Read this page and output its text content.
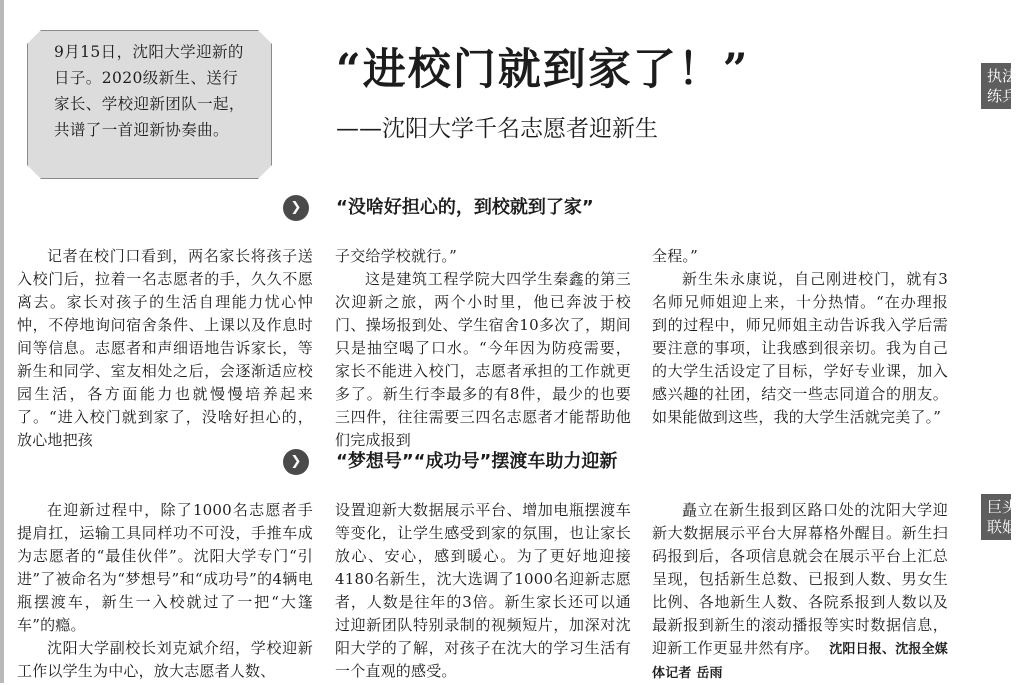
9月15日，沈阳大学迎新的日子。2020级新生、送行家长、学校迎新团队一起，共谱了一首迎新协奏曲。
“进校门就到家了！”
——沈阳大学千名志愿者迎新生
❯	“没啥好担心的，到校就到了家”

记者在校门口看到，两名家长将孩子送入校门后，拉着一名志愿者的手，久久不愿离去。家长对孩子的生活自理能力忧心忡忡，不停地询问宿舍条件、上课以及作息时间等信息。志愿者和声细语地告诉家长，等新生和同学、室友相处之后，会逐渐适应校园生活，各方面能力也就慢慢培养起来了。“进入校门就到家了，没啥好担心的，放心地把孩

子交给学校就行。”

这是建筑工程学院大四学生秦鑫的第三次迎新之旅，两个小时里，他已奔波于校门、操场报到处、学生宿舍10多次了，期间只是抽空喝了口水。“今年因为防疫需要，家长不能进入校门，志愿者承担的工作就更多了。新生行李最多的有8件，最少的也要三四件，往往需要三四名志愿者才能帮助他们完成报到

全程。”

新生朱永康说，自己刚进校门，就有3名师兄师姐迎上来，十分热情。“在办理报到的过程中，师兄师姐主动告诉我入学后需要注意的事项，让我感到很亲切。我为自己的大学生活设定了目标，学好专业课，加入感兴趣的社团，结交一些志同道合的朋友。如果能做到这些，我的大学生活就完美了。”

❯	“梦想号”“成功号”摆渡车助力迎新

在迎新过程中，除了1000名志愿者手提肩扛，运输工具同样功不可没，手推车成为志愿者的“最佳伙伴”。沈阳大学专门“引进”了被命名为“梦想号”和“成功号”的4辆电瓶摆渡车，新生一入校就过了一把“大篷车”的瘾。

沈阳大学副校长刘克斌介绍，学校迎新工作以学生为中心，放大志愿者人数、

设置迎新大数据展示平台、增加电瓶摆渡车等变化，让学生感受到家的氛围，也让家长放心、安心，感到暖心。为了更好地迎接4180名新生，沈大选调了1000名迎新志愿者，人数是往年的3倍。新生家长还可以通过迎新团队特别录制的视频短片，加深对沈阳大学的了解，对孩子在沈大的学习生活有一个直观的感受。

矗立在新生报到区路口处的沈阳大学迎新大数据展示平台大屏幕格外醒目。新生扫码报到后，各项信息就会在展示平台上汇总呈现，包括新生总数、已报到人数、男女生比例、各地新生人数、各院系报到人数以及最新报到新生的滚动播报等实时数据信息，迎新工作更显井然有序。 沈阳日报、沈报全媒体记者 岳雨

执法
练兵
巨头
联姻
